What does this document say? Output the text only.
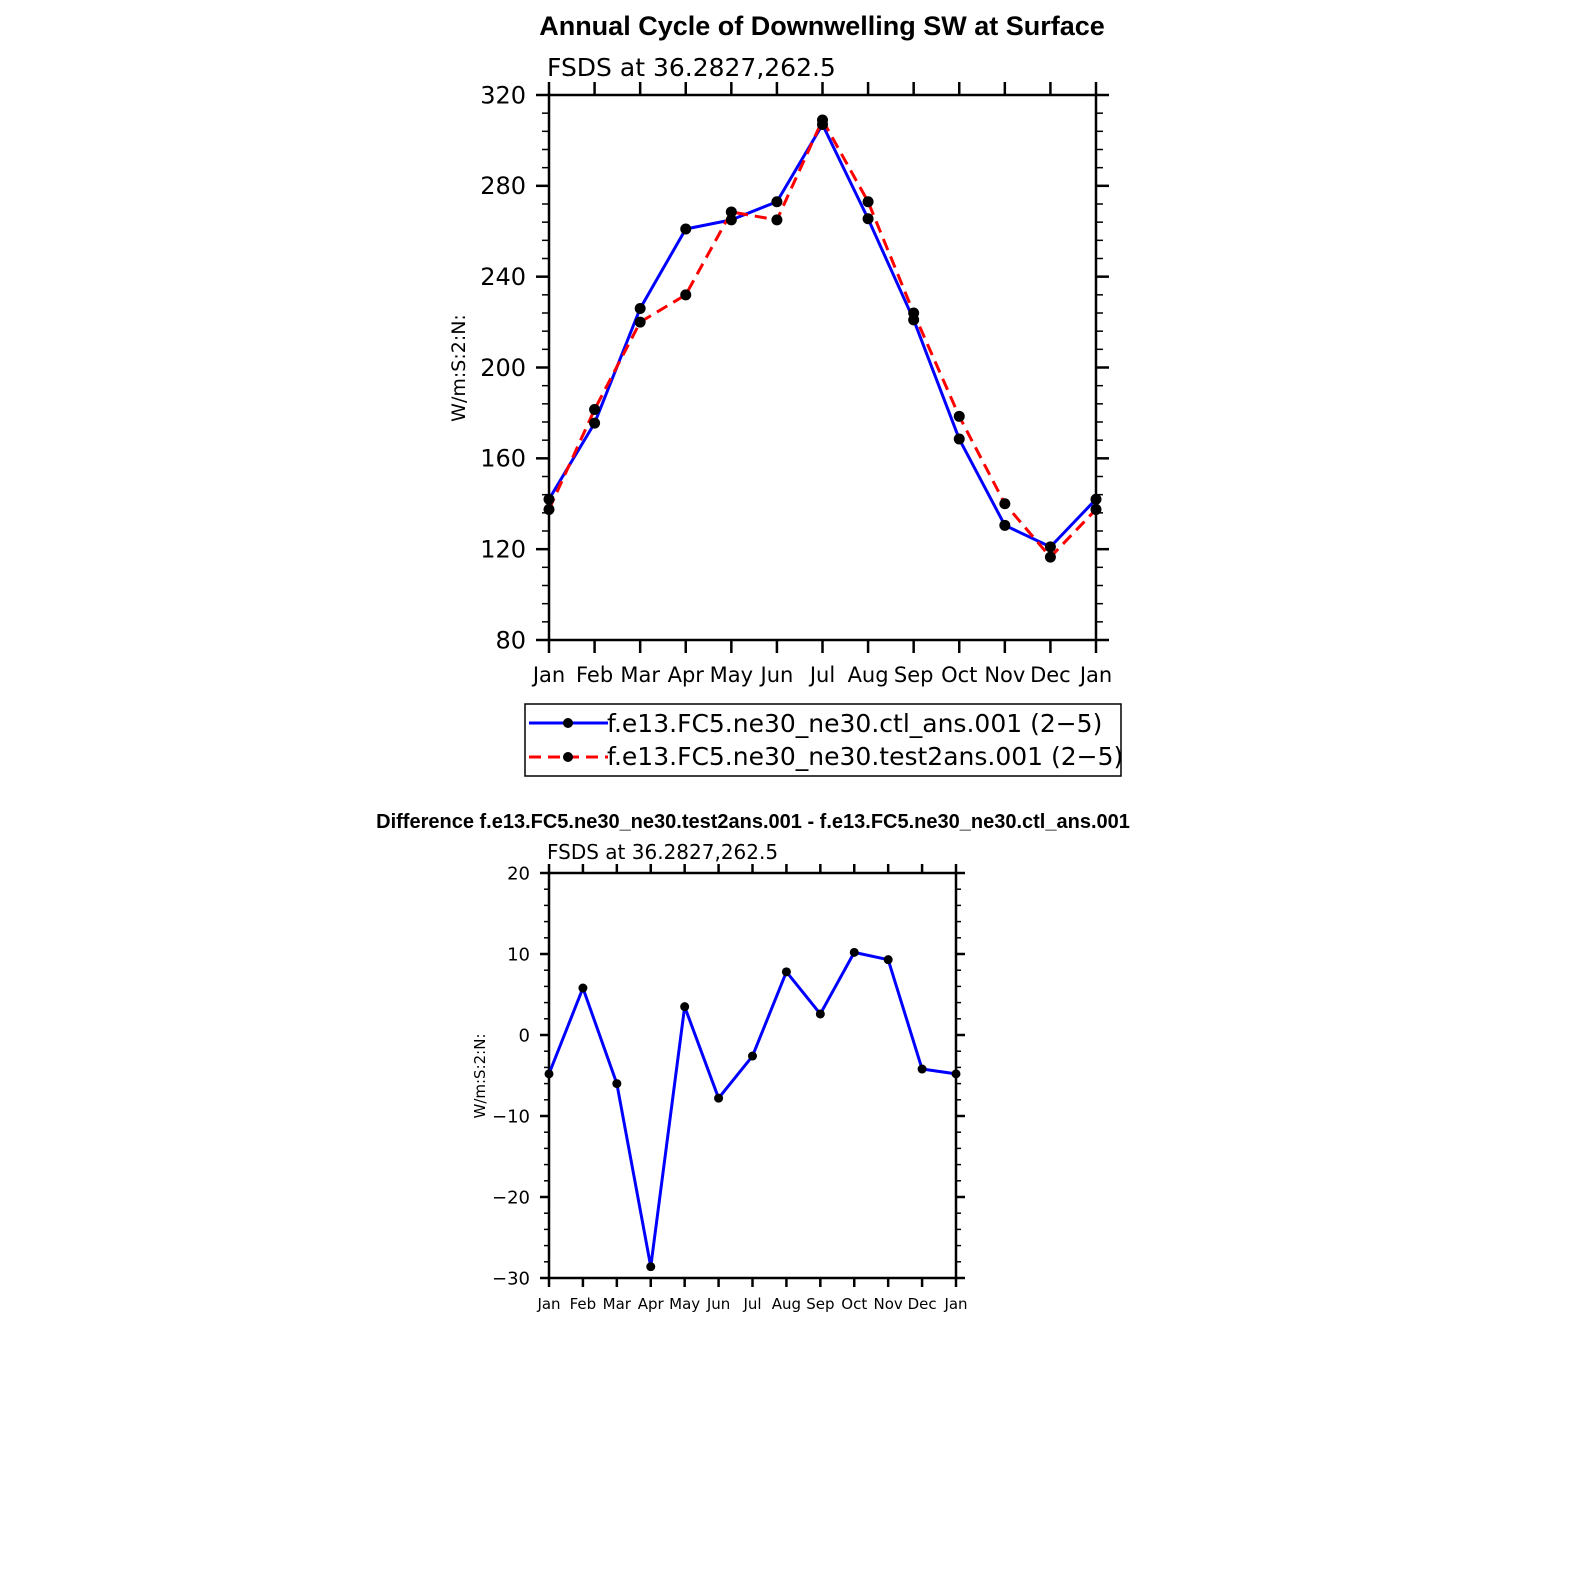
Annual Cycle of Downwelling SW at Surface
FSDS at 36.2827,262.5
W/m:S:2:N:
Jan Feb Mar Apr May Jun Jul Aug Sep Oct Nov Dec Jan
80
120
160
200
240
280
320
f.e13.FC5.ne30_ne30.ctl_ans.001 (2−5)
f.e13.FC5.ne30_ne30.test2ans.001 (2−5)
Difference f.e13.FC5.ne30_ne30.test2ans.001 - f.e13.FC5.ne30_ne30.ctl_ans.001
FSDS at 36.2827,262.5
W/m:S:2:N:
Jan Feb Mar Apr May Jun Jul Aug Sep Oct Nov Dec Jan
−30
−20
−10
0
10
20
